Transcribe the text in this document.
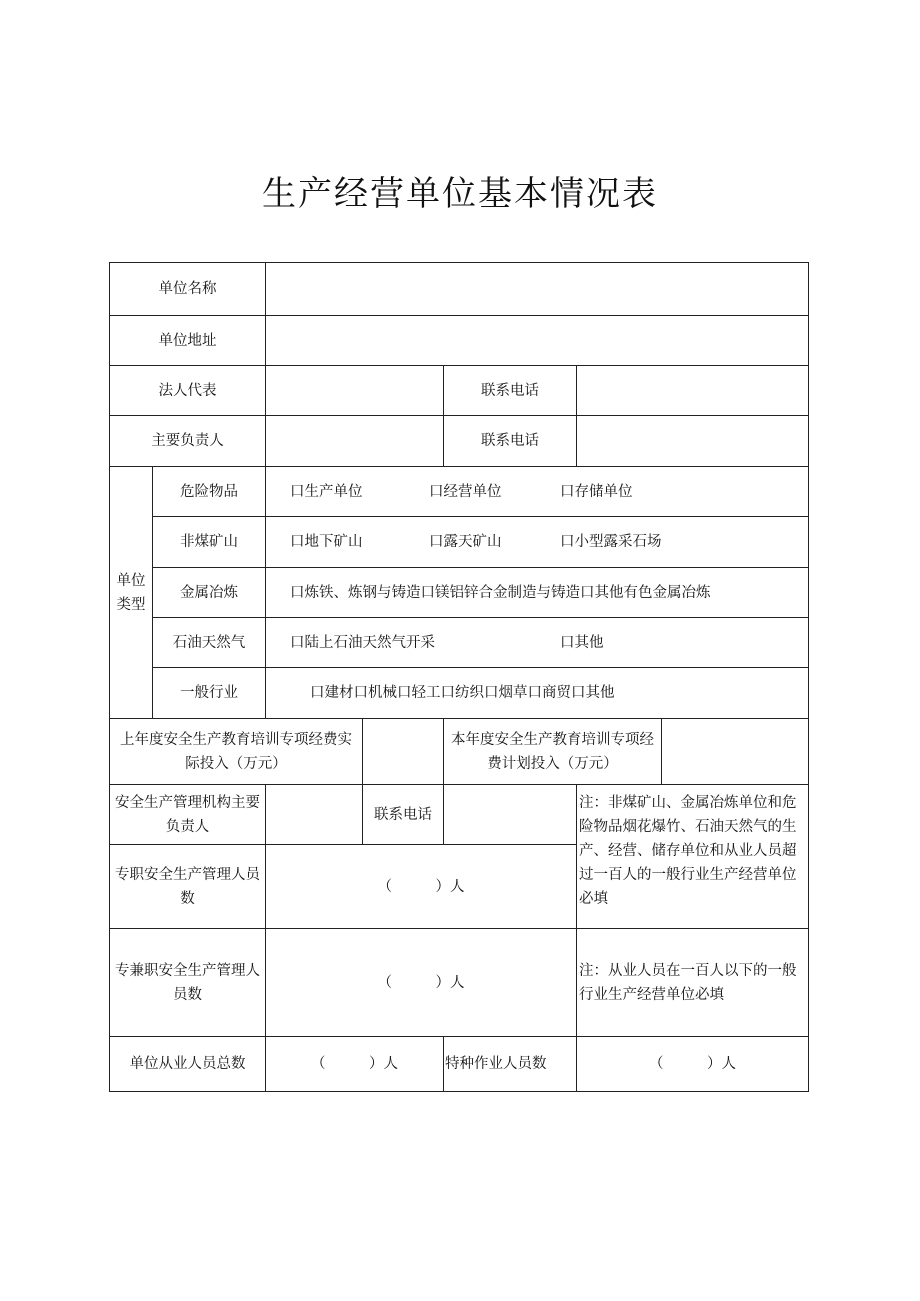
生产经营单位基本情况表
单位名称						
单位地址						
法人代表				联系电话		
主要负责人				联系电话		
单位类型	危险物品	口生产单位 口经营单位 口存储单位				

	非煤矿山	口地下矿山 口露天矿山 口小型露采石场				

	金属冶炼	口炼铁、炼钢与铸造口镁铝锌合金制造与铸造口其他有色金属冶炼				

	石油天然气	口陆上石油天然气开采 口其他				

	一般行业	口建材口机械口轻工口纺织口烟草口商贸口其他				

上年度安全生产教育培训专项经费实际投入（万元）				本年度安全生产教育培训专项经费计划投入（万元）		
安全生产管理机构主要负责人			联系电话		注：非煤矿山、金属冶炼单位和危险物品烟花爆竹、石油天然气的生产、经营、储存单位和从业人员超过一百人的一般行业生产经营单位必填	
专职安全生产管理人员数		（　　　）人				
专兼职安全生产管理人员数		（　　　）人			注：从业人员在一百人以下的一般行业生产经营单位必填	
单位从业人员总数		（　　　）人		特种作业人员数	（　　　）人	
